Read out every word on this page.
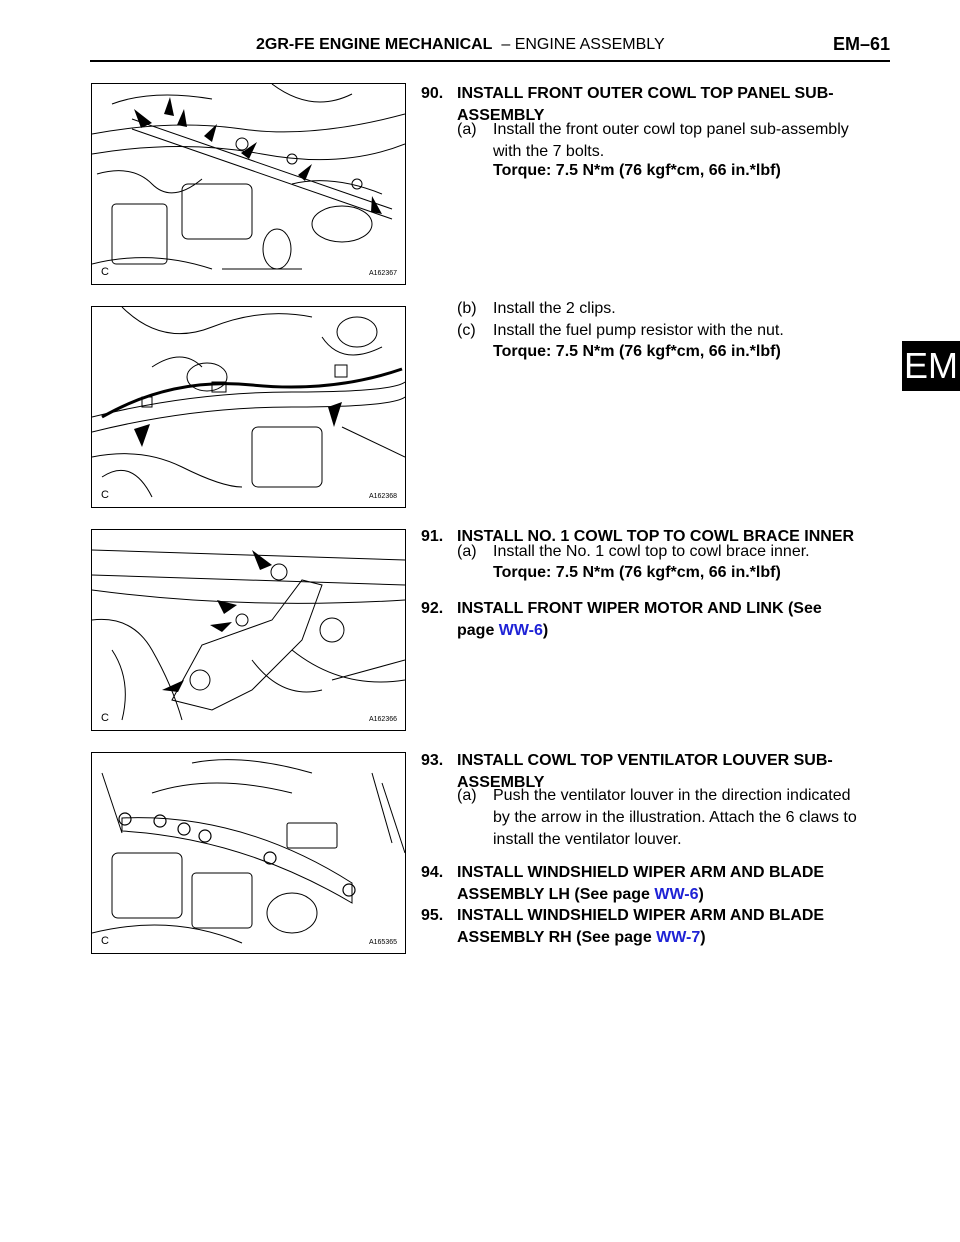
2GR-FE ENGINE MECHANICAL – ENGINE ASSEMBLY	EM–61
EM
C	A162367
C	A162368
C	A162366
C	A165365
90. INSTALL FRONT OUTER COWL TOP PANEL SUB-
ASSEMBLY
(a) Install the front outer cowl top panel sub-assembly
with the 7 bolts.
Torque: 7.5 N*m (76 kgf*cm, 66 in.*lbf)
(b) Install the 2 clips.
(c) Install the fuel pump resistor with the nut.
Torque: 7.5 N*m (76 kgf*cm, 66 in.*lbf)
91. INSTALL NO. 1 COWL TOP TO COWL BRACE INNER
(a) Install the No. 1 cowl top to cowl brace inner.
Torque: 7.5 N*m (76 kgf*cm, 66 in.*lbf)
92. INSTALL FRONT WIPER MOTOR AND LINK (See
page WW-6)
93. INSTALL COWL TOP VENTILATOR LOUVER SUB-
ASSEMBLY
(a) Push the ventilator louver in the direction indicated
by the arrow in the illustration. Attach the 6 claws to
install the ventilator louver.
94. INSTALL WINDSHIELD WIPER ARM AND BLADE
ASSEMBLY LH (See page WW-6)
95. INSTALL WINDSHIELD WIPER ARM AND BLADE
ASSEMBLY RH (See page WW-7)
